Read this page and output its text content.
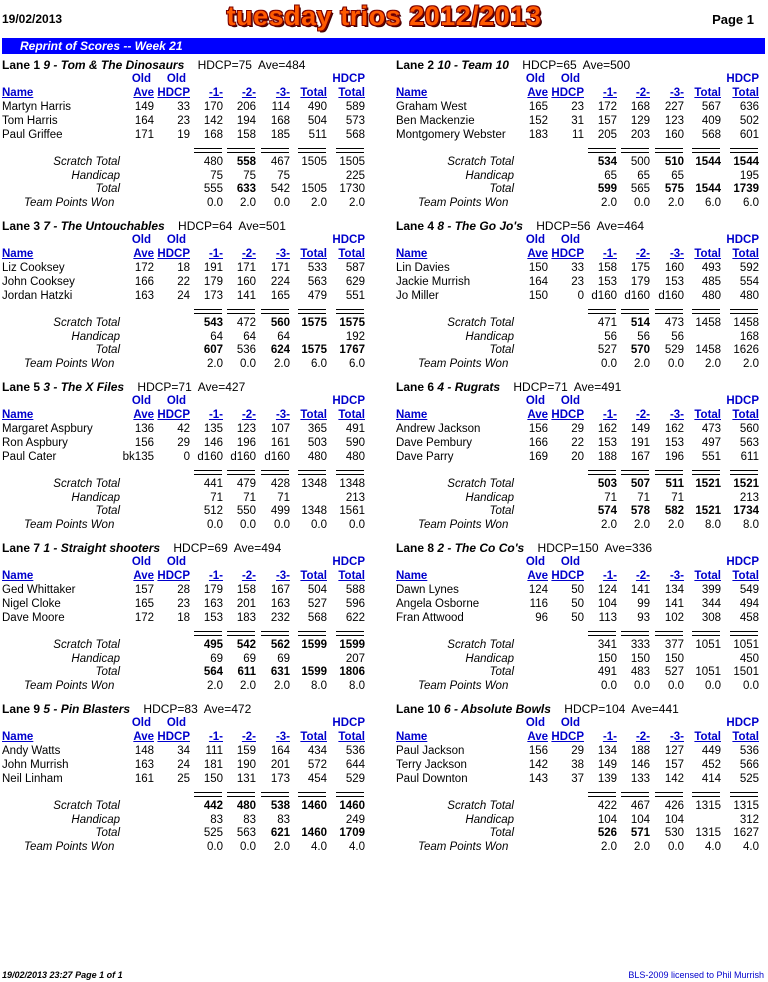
19/02/2013	tuesday trios 2012/2013	Page 1
Reprint of Scores -- Week 21
Lane 1 9 - Tom & The Dinosaurs    HDCP=75  Ave=484
Old Old	HDCP
Name	Ave HDCP -1- -2- -3- Total Total
Martyn Harris	149 33 170 206 114 490 589
Tom Harris	164 23 142 194 168 504 573
Paul Griffee	171 19 168 158 185 511 568
Scratch Total	480 558 467 1505 1505
Handicap	75 75 75	225
Total	555 633 542 1505 1730
Team Points Won	0.0 2.0 0.0 2.0 2.0
Lane 2 10 - Team 10    HDCP=65  Ave=500
Old Old	HDCP
Name	Ave HDCP -1- -2- -3- Total Total
Graham West	165 23 172 168 227 567 636
Ben Mackenzie	152 31 157 129 123 409 502
Montgomery Webster 183 11 205 203 160 568 601
Scratch Total	534 500 510 1544 1544
Handicap	65 65 65	195
Total	599 565 575 1544 1739
Team Points Won	2.0 0.0 2.0 6.0 6.0
Lane 3 7 - The Untouchables    HDCP=64  Ave=501
Old Old	HDCP
Name	Ave HDCP -1- -2- -3- Total Total
Liz Cooksey	172 18 191 171 171 533 587
John Cooksey	166 22 179 160 224 563 629
Jordan Hatzki	163 24 173 141 165 479 551
Scratch Total	543 472 560 1575 1575
Handicap	64 64 64	192
Total	607 536 624 1575 1767
Team Points Won	2.0 0.0 2.0 6.0 6.0
Lane 4 8 - The Go Jo's    HDCP=56  Ave=464
Old Old	HDCP
Name	Ave HDCP -1- -2- -3- Total Total
Lin Davies	150 33 158 175 160 493 592
Jackie Murrish	164 23 153 179 153 485 554
Jo Miller	150	0 d160 d160 d160 480 480
Scratch Total	471 514 473 1458 1458
Handicap	56 56 56	168
Total	527 570 529 1458 1626
Team Points Won	0.0 2.0 0.0 2.0 2.0
Lane 5 3 - The X Files    HDCP=71  Ave=427
Old Old	HDCP
Name	Ave HDCP -1- -2- -3- Total Total
Margaret Aspbury	136 42 135 123 107 365 491
Ron Aspbury	156 29 146 196 161 503 590
Paul Cater	bk135	0 d160 d160 d160 480 480
Scratch Total	441 479 428 1348 1348
Handicap	71 71 71	213
Total	512 550 499 1348 1561
Team Points Won	0.0 0.0 0.0 0.0 0.0
Lane 6 4 - Rugrats    HDCP=71  Ave=491
Old Old	HDCP
Name	Ave HDCP -1- -2- -3- Total Total
Andrew Jackson	156 29 162 149 162 473 560
Dave Pembury	166 22 153 191 153 497 563
Dave Parry	169 20 188 167 196 551 611
Scratch Total	503 507 511 1521 1521
Handicap	71 71 71	213
Total	574 578 582 1521 1734
Team Points Won	2.0 2.0 2.0 8.0 8.0
Lane 7 1 - Straight shooters    HDCP=69  Ave=494
Old Old	HDCP
Name	Ave HDCP -1- -2- -3- Total Total
Ged Whittaker	157 28 179 158 167 504 588
Nigel Cloke	165 23 163 201 163 527 596
Dave Moore	172 18 153 183 232 568 622
Scratch Total	495 542 562 1599 1599
Handicap	69 69 69	207
Total	564 611 631 1599 1806
Team Points Won	2.0 2.0 2.0 8.0 8.0
Lane 8 2 - The Co Co's    HDCP=150  Ave=336
Old Old	HDCP
Name	Ave HDCP -1- -2- -3- Total Total
Dawn Lynes	124 50 124 141 134 399 549
Angela Osborne	116 50 104 99 141 344 494
Fran Attwood	96 50 113 93 102 308 458
Scratch Total	341 333 377 1051 1051
Handicap	150 150 150	450
Total	491 483 527 1051 1501
Team Points Won	0.0 0.0 0.0 0.0 0.0
Lane 9 5 - Pin Blasters    HDCP=83  Ave=472
Old Old	HDCP
Name	Ave HDCP -1- -2- -3- Total Total
Andy Watts	148 34 111 159 164 434 536
John Murrish	163 24 181 190 201 572 644
Neil Linham	161 25 150 131 173 454 529
Scratch Total	442 480 538 1460 1460
Handicap	83 83 83	249
Total	525 563 621 1460 1709
Team Points Won	0.0 0.0 2.0 4.0 4.0
Lane 10 6 - Absolute Bowls    HDCP=104  Ave=441
Old Old	HDCP
Name	Ave HDCP -1- -2- -3- Total Total
Paul Jackson	156 29 134 188 127 449 536
Terry Jackson	142 38 149 146 157 452 566
Paul Downton	143 37 139 133 142 414 525
Scratch Total	422 467 426 1315 1315
Handicap	104 104 104	312
Total	526 571 530 1315 1627
Team Points Won	2.0 2.0 0.0 4.0 4.0
19/02/2013 23:27 Page 1 of 1	BLS-2009 licensed to Phil Murrish
